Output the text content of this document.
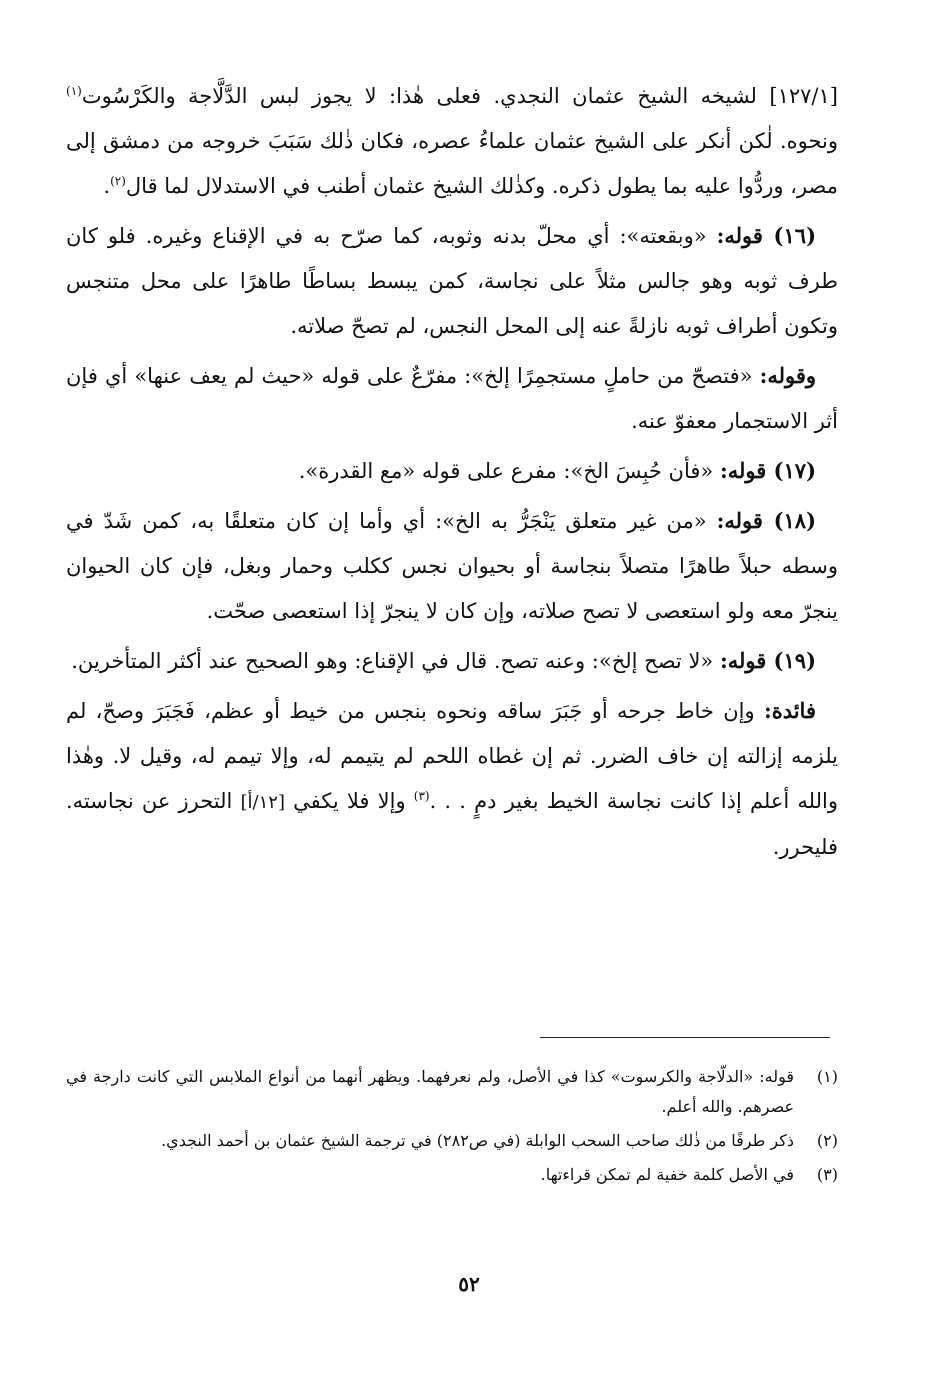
[١٢٧/١] لشيخه الشيخ عثمان النجدي. فعلى هٰذا: لا يجوز لبس الدَّلَّاجة والكَرْسُوت$^{(١)}$ ونحوه. لٰكن أنكر على الشيخ عثمان علماءُ عصره، فكان ذٰلك سَبَبَ خروجه من دمشق إلى مصر، وردُّوا عليه بما يطول ذكره. وكذٰلك الشيخ عثمان أطنب في الاستدلال لما قال$^{(٢)}$.

(١٦) قوله: «وبقعته»: أي محلّ بدنه وثوبه، كما صرّح به في الإقناع وغيره. فلو كان طرف ثوبه وهو جالس مثلاً على نجاسة، كمن يبسط بساطًا طاهرًا على محل متنجس وتكون أطراف ثوبه نازلةً عنه إلى المحل النجس، لم تصحّ صلاته.

وقوله: «فتصحّ من حاملٍ مستجمِرًا إلخ»: مفرّعٌ على قوله «حيث لم يعف عنها» أي فإن أثر الاستجمار معفوّ عنه.

(١٧) قوله: «فأن حُبِسَ الخ»: مفرع على قوله «مع القدرة».

(١٨) قوله: «من غير متعلق يَنْجَرُّ به الخ»: أي وأما إن كان متعلقًا به، كمن شَدّ في وسطه حبلاً طاهرًا متصلاً بنجاسة أو بحيوان نجس ككلب وحمار وبغل، فإن كان الحيوان ينجرّ معه ولو استعصى لا تصح صلاته، وإن كان لا ينجرّ إذا استعصى صحّت.

(١٩) قوله: «لا تصح إلخ»: وعنه تصح. قال في الإقناع: وهو الصحيح عند أكثر المتأخرين.

فائدة: وإن خاط جرحه أو جَبَرَ ساقه ونحوه بنجس من خيط أو عظم، فَجَبَرَ وصحّ، لم يلزمه إزالته إن خاف الضرر. ثم إن غطاه اللحم لم يتيمم له، وإلا تيمم له، وقيل لا. وهٰذا والله أعلم إذا كانت نجاسة الخيط بغير دمٍ . . .$^{(٣)}$ وإلا فلا يكفي [١٢/أ] التحرز عن نجاسته. فليحرر.

(١)
قوله: «الدلّاجة والكرسوت» كذا في الأصل، ولم نعرفهما. ويظهر أنهما من أنواع الملابس التي كانت دارجة في عصرهم. والله أعلم.
(٢)
ذكر طرفًا من ذٰلك صاحب السحب الوابلة (في ص٢٨٢) في ترجمة الشيخ عثمان بن أحمد النجدي.
(٣)
في الأصل كلمة خفية لم تمكن قراءتها.
٥٢
